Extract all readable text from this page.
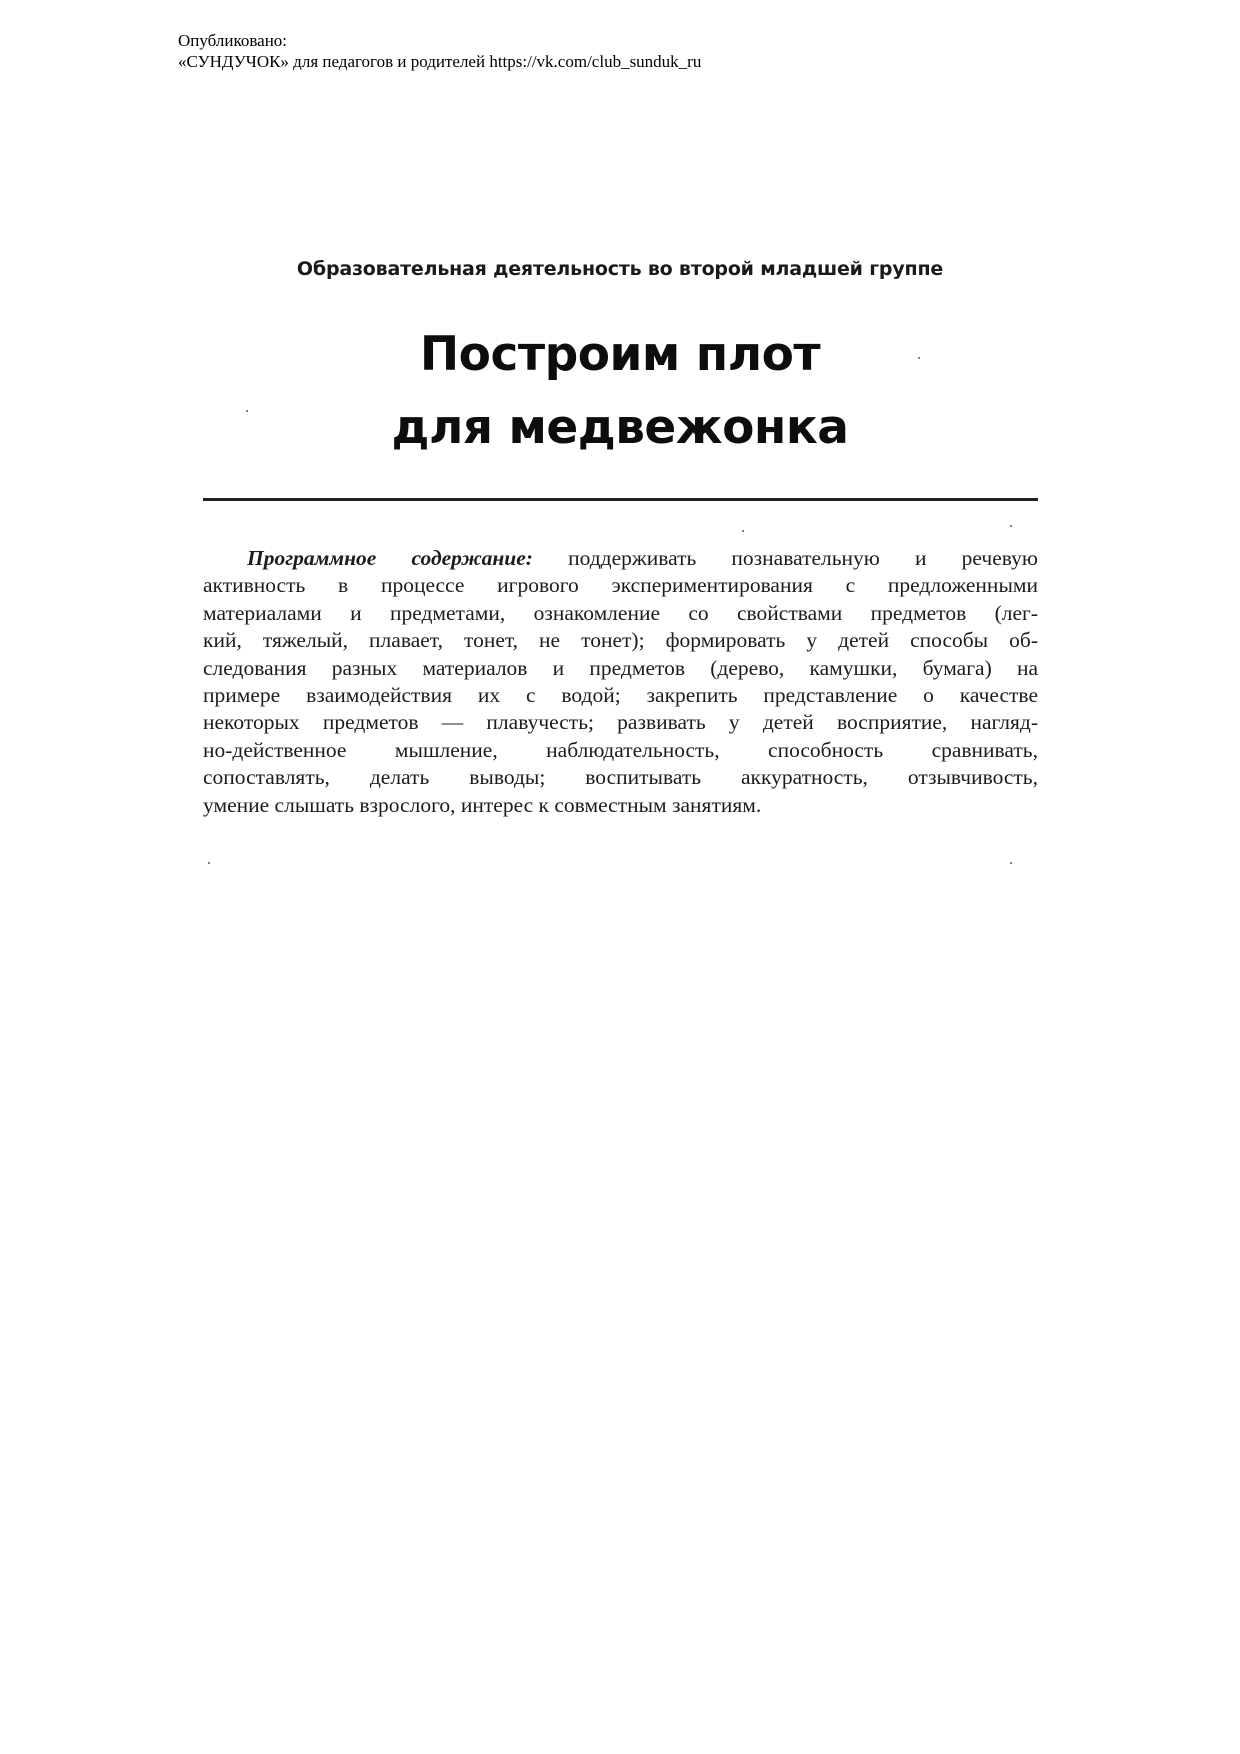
Опубликовано:
«СУНДУЧОК» для педагогов и родителей https://vk.com/club_sunduk_ru
Образовательная деятельность во второй младшей группе
Построим плот
для медвежонка
Программное содержание: поддерживать познавательную и речевую
активность в процессе игрового экспериментирования с предложенными
материалами и предметами, ознакомление со свойствами предметов (лег-
кий, тяжелый, плавает, тонет, не тонет); формировать у детей способы об-
следования разных материалов и предметов (дерево, камушки, бумага) на
примере взаимодействия их с водой; закрепить представление о качестве
некоторых предметов — плавучесть; развивать у детей восприятие, нагляд-
но-действенное мышление, наблюдательность, способность сравнивать,
сопоставлять, делать выводы; воспитывать аккуратность, отзывчивость,
умение слышать взрослого, интерес к совместным занятиям.
